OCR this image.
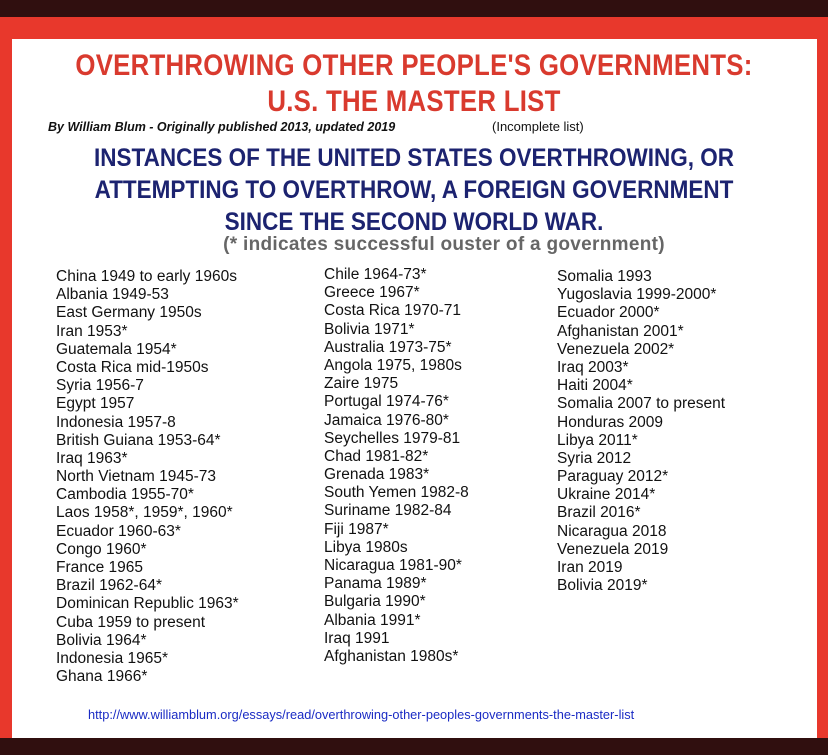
OVERTHROWING OTHER PEOPLE'S GOVERNMENTS:
U.S. THE MASTER LIST
By William Blum - Originally published 2013, updated 2019	(Incomplete list)
INSTANCES OF THE UNITED STATES OVERTHROWING, OR
ATTEMPTING TO OVERTHROW, A FOREIGN GOVERNMENT
SINCE THE SECOND WORLD WAR.
(* indicates successful ouster of a government)
China 1949 to early 1960s
Albania 1949-53
East Germany 1950s
Iran 1953*
Guatemala 1954*
Costa Rica mid-1950s
Syria 1956-7
Egypt 1957
Indonesia 1957-8
British Guiana 1953-64*
Iraq 1963*
North Vietnam 1945-73
Cambodia 1955-70*
Laos 1958*, 1959*, 1960*
Ecuador 1960-63*
Congo 1960*
France 1965
Brazil 1962-64*
Dominican Republic 1963*
Cuba 1959 to present
Bolivia 1964*
Indonesia 1965*
Ghana 1966*
Chile 1964-73*
Greece 1967*
Costa Rica 1970-71
Bolivia 1971*
Australia 1973-75*
Angola 1975, 1980s
Zaire 1975
Portugal 1974-76*
Jamaica 1976-80*
Seychelles 1979-81
Chad 1981-82*
Grenada 1983*
South Yemen 1982-8
Suriname 1982-84
Fiji 1987*
Libya 1980s
Nicaragua 1981-90*
Panama 1989*
Bulgaria 1990*
Albania 1991*
Iraq 1991
Afghanistan 1980s*
Somalia 1993
Yugoslavia 1999-2000*
Ecuador 2000*
Afghanistan 2001*
Venezuela 2002*
Iraq 2003*
Haiti 2004*
Somalia 2007 to present
Honduras 2009
Libya 2011*
Syria 2012
Paraguay 2012*
Ukraine 2014*
Brazil 2016*
Nicaragua 2018
Venezuela 2019
Iran 2019
Bolivia 2019*
http://www.williamblum.org/essays/read/overthrowing-other-peoples-governments-the-master-list
